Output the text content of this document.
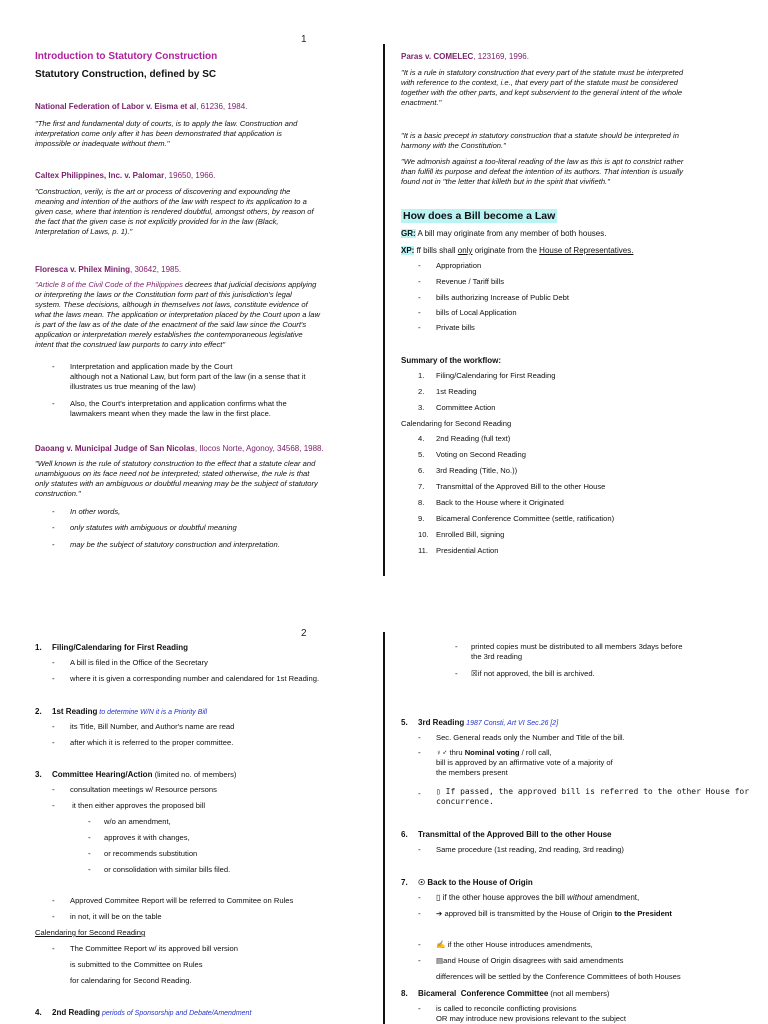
1
Introduction to Statutory Construction
Statutory Construction, defined by SC
National Federation of Labor v. Eisma et al, 61236, 1984.
"The first and fundamental duty of courts, is to apply the law. Construction and
interpretation come only after it has been demonstrated that application is
impossible or inadequate without them."
Caltex Philippines, Inc. v. Palomar, 19650, 1966.
"Construction, verily, is the art or process of discovering and expounding the
meaning and intention of the authors of the law with respect to its application to a
given case, where that intention is rendered doubtful, amongst others, by reason of
the fact that the given case is not explicitly provided for in the law (Black,
Interpretation of Laws, p. 1)."
Floresca v. Philex Mining, 30642, 1985.
"Article 8 of the Civil Code of the Philippines decrees that judicial decisions applying
or interpreting the laws or the Constitution form part of this jurisdiction's legal
system. These decisions, although in themselves not laws, constitute evidence of
what the laws mean. The application or interpretation placed by the Court upon a law
is part of the law as of the date of the enactment of the said law since the Court's
application or interpretation merely establishes the contemporaneous legislative
intent that the construed law purports to carry into effect"
- Interpretation and application made by the Court
although not a National Law, but form part of the law (in a sense that it
illustrates us true meaning of the law)
- Also, the Court's interpretation and application confirms what the
lawmakers meant when they made the law in the first place.
Daoang v. Municipal Judge of San Nicolas, Ilocos Norte, Agonoy, 34568, 1988.
"Well known is the rule of statutory construction to the effect that a statute clear and
unambiguous on its face need not be interpreted; stated otherwise, the rule is that
only statutes with an ambiguous or doubtful meaning may be the subject of statutory
construction."
- In other words,
- only statutes with ambiguous or doubtful meaning
- may be the subject of statutory construction and interpretation.
Paras v. COMELEC, 123169, 1996.
"It is a rule in statutory construction that every part of the statute must be interpreted
with reference to the context, i.e., that every part of the statute must be considered
together with the other parts, and kept subservient to the general intent of the whole
enactment."
"It is a basic precept in statutory construction that a statute should be interpreted in
harmony with the Constitution."
"We admonish against a too-literal reading of the law as this is apt to constrict rather
than fulfill its purpose and defeat the intention of its authors. That intention is usually
found not in "the letter that killeth but in the spirit that vivifieth."
How does a Bill become a Law
GR: A bill may originate from any member of both houses.
XP: ff bills shall only originate from the House of Representatives.
- Appropriation
- Revenue / Tariff bills
- bills authorizing Increase of Public Debt
- bills of Local Application
- Private bills
Summary of the workflow:
1. Filing/Calendaring for First Reading
2. 1st Reading
3. Committee Action
Calendaring for Second Reading
4. 2nd Reading (full text)
5. Voting on Second Reading
6. 3rd Reading (Title, No.))
7. Transmittal of the Approved Bill to the other House
8. Back to the House where it Originated
9. Bicameral Conference Committee (settle, ratification)
10. Enrolled Bill, signing
11. Presidential Action
2
1. Filing/Calendaring for First Reading
- A bill is filed in the Office of the Secretary
- where it is given a corresponding number and calendared for 1st Reading.
2. 1st Reading to determine W/N it is a Priority Bill
- its Title, Bill Number, and Author's name are read
- after which it is referred to the proper committee.
3. Committee Hearing/Action (limited no. of members)
- consultation meetings w/ Resource persons
- it then either approves the proposed bill
- w/o an amendment,
- approves it with changes,
- or recommends substitution
- or consolidation with similar bills filed.
- Approved Commitee Report will be referred to Commitee on Rules
- in not, it will be on the table
Calendaring for Second Reading
- The Committee Report w/ its approved bill version
is submitted to the Committee on Rules
for calendaring for Second Reading.
4. 2nd Reading periods of Sponsorship and Debate/Amendment
- printed copies must be distributed to all members 3days before
the 3rd reading
- ☒if not approved, the bill is archived.
5. 3rd Reading 1987 Consti, Art VI Sec.26 [2]
- Sec. General reads only the Number and Title of the bill.
- ♀♂ thru Nominal voting / roll call,
bill is approved by an affirmative vote of a majority of
the members present
- ▯ If passed, the approved bill is referred to the other House for
concurrence.
6. Transmittal of the Approved Bill to the other House
- Same procedure (1st reading, 2nd reading, 3rd reading)
7. ☉ Back to the House of Origin
- ▯ if the other house approves the bill without amendment,
- ➔ approved bill is transmitted by the House of Origin to the President
- ✍ if the other House introduces amendments,
- ▤and House of Origin disagrees with said amendments
differences will be settled by the Conference Committees of both Houses
8. Bicameral  Conference Committee (not all members)
- is called to reconcile conflicting provisions
OR may introduce new provisions relevant to the subject
